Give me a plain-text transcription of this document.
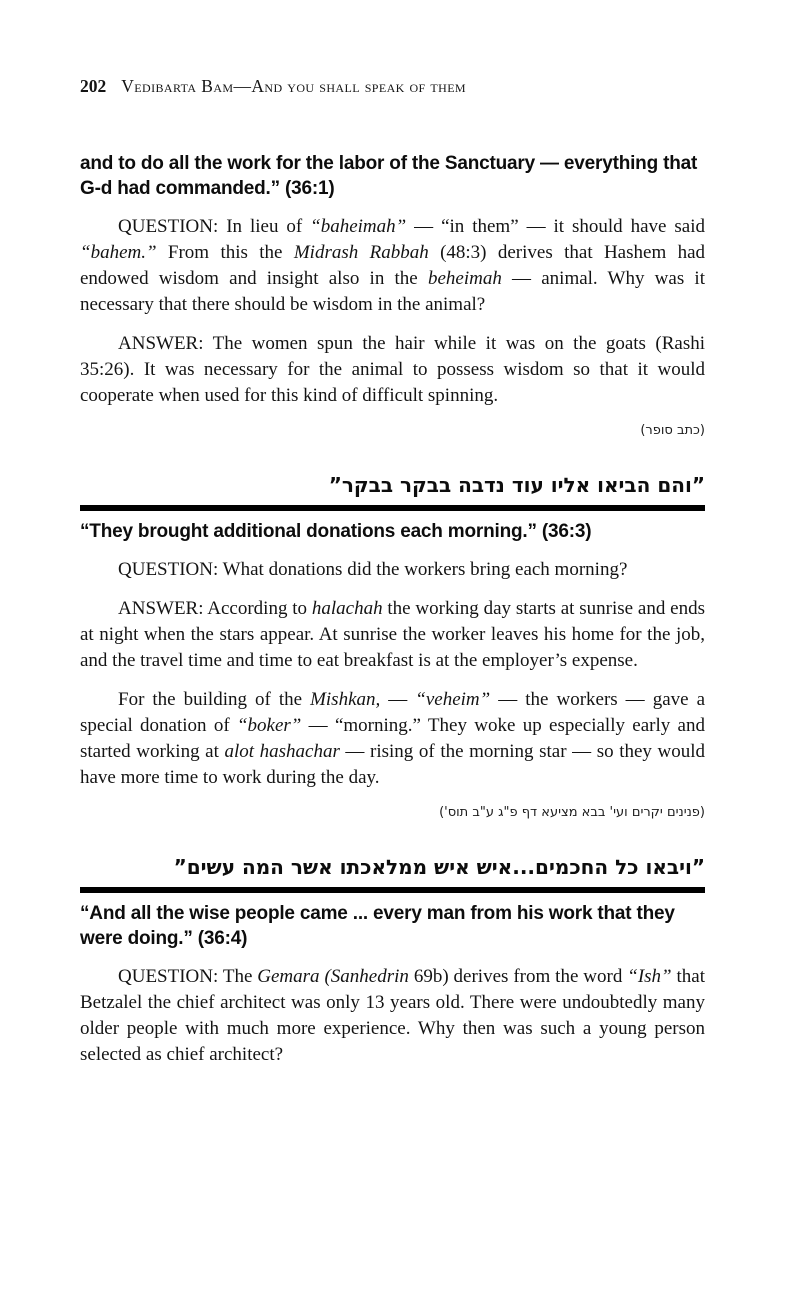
202 Vedibarta Bam—And you shall speak of them
and to do all the work for the labor of the Sanctuary — everything that G-d had commanded.” (36:1)

QUESTION: In lieu of “baheimah” — “in them” — it should have said “bahem.” From this the Midrash Rabbah (48:3) derives that Hashem had endowed wisdom and insight also in the beheimah — animal. Why was it necessary that there should be wisdom in the animal?

ANSWER: The women spun the hair while it was on the goats (Rashi 35:26). It was necessary for the animal to possess wisdom so that it would cooperate when used for this kind of difficult spinning.

(כתב סופר)

”והם הביאו אליו עוד נדבה בבקר בבקר”
“They brought additional donations each morning.” (36:3)

QUESTION: What donations did the workers bring each morning?

ANSWER: According to halachah the working day starts at sunrise and ends at night when the stars appear. At sunrise the worker leaves his home for the job, and the travel time and time to eat breakfast is at the employer’s expense.

For the building of the Mishkan, — “veheim” — the workers — gave a special donation of “boker” — “morning.” They woke up especially early and started working at alot hashachar — rising of the morning star — so they would have more time to work during the day.

(פנינים יקרים ועי' בבא מציעא דף פ"ג ע"ב תוס')

”ויבאו כל החכמים...איש איש ממלאכתו אשר המה עשים”
“And all the wise people came ... every man from his work that they were doing.” (36:4)

QUESTION: The Gemara (Sanhedrin 69b) derives from the word “Ish” that Betzalel the chief architect was only 13 years old. There were undoubtedly many older people with much more experience. Why then was such a young person selected as chief architect?
